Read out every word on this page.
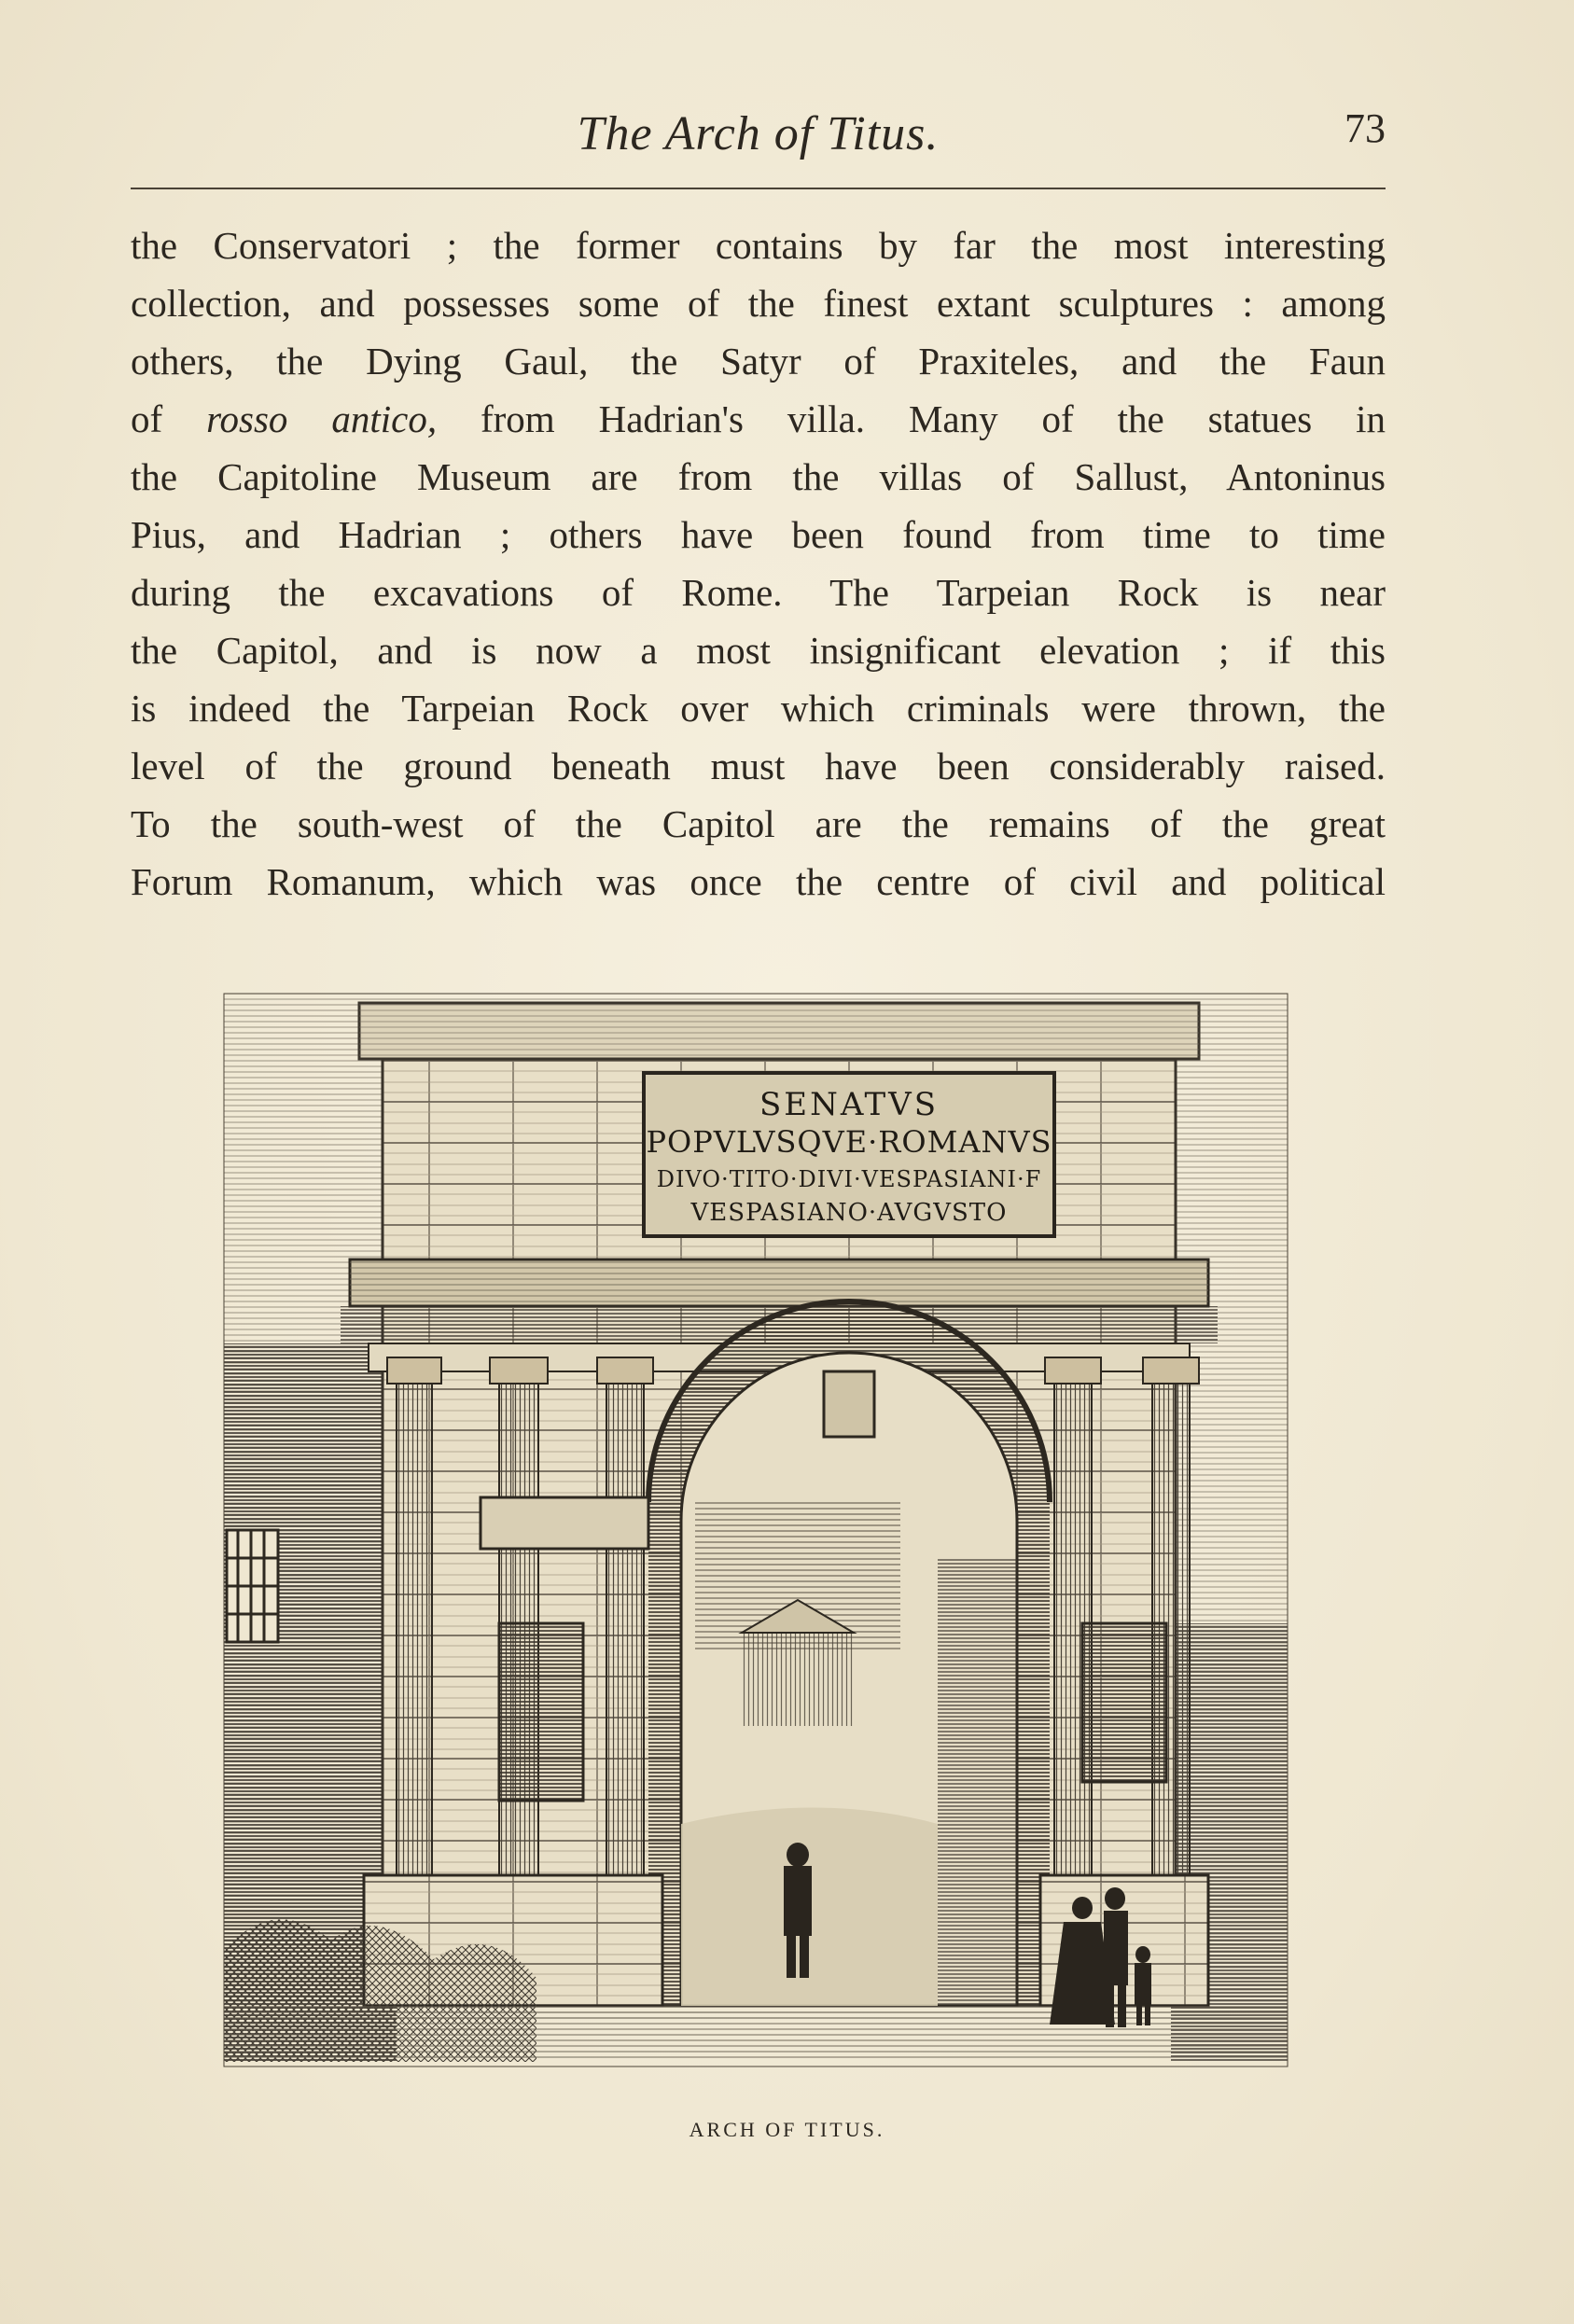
The Arch of Titus.	73
the Conservatori ; the former contains by far the most interesting
collection, and possesses some of the finest extant sculptures : among
others, the Dying Gaul, the Satyr of Praxiteles, and the Faun
of rosso antico, from Hadrian's villa. Many of the statues in
the Capitoline Museum are from the villas of Sallust, Antoninus
Pius, and Hadrian ; others have been found from time to time
during the excavations of Rome. The Tarpeian Rock is near
the Capitol, and is now a most insignificant elevation ; if this
is indeed the Tarpeian Rock over which criminals were thrown, the
level of the ground beneath must have been considerably raised.
To the south-west of the Capitol are the remains of the great
Forum Romanum, which was once the centre of civil and political
SENATVS
POPVLVSQVE·ROMANVS
DIVO·TITO·DIVI·VESPASIANI·F
VESPASIANO·AVGVSTO
ARCH OF TITUS.
